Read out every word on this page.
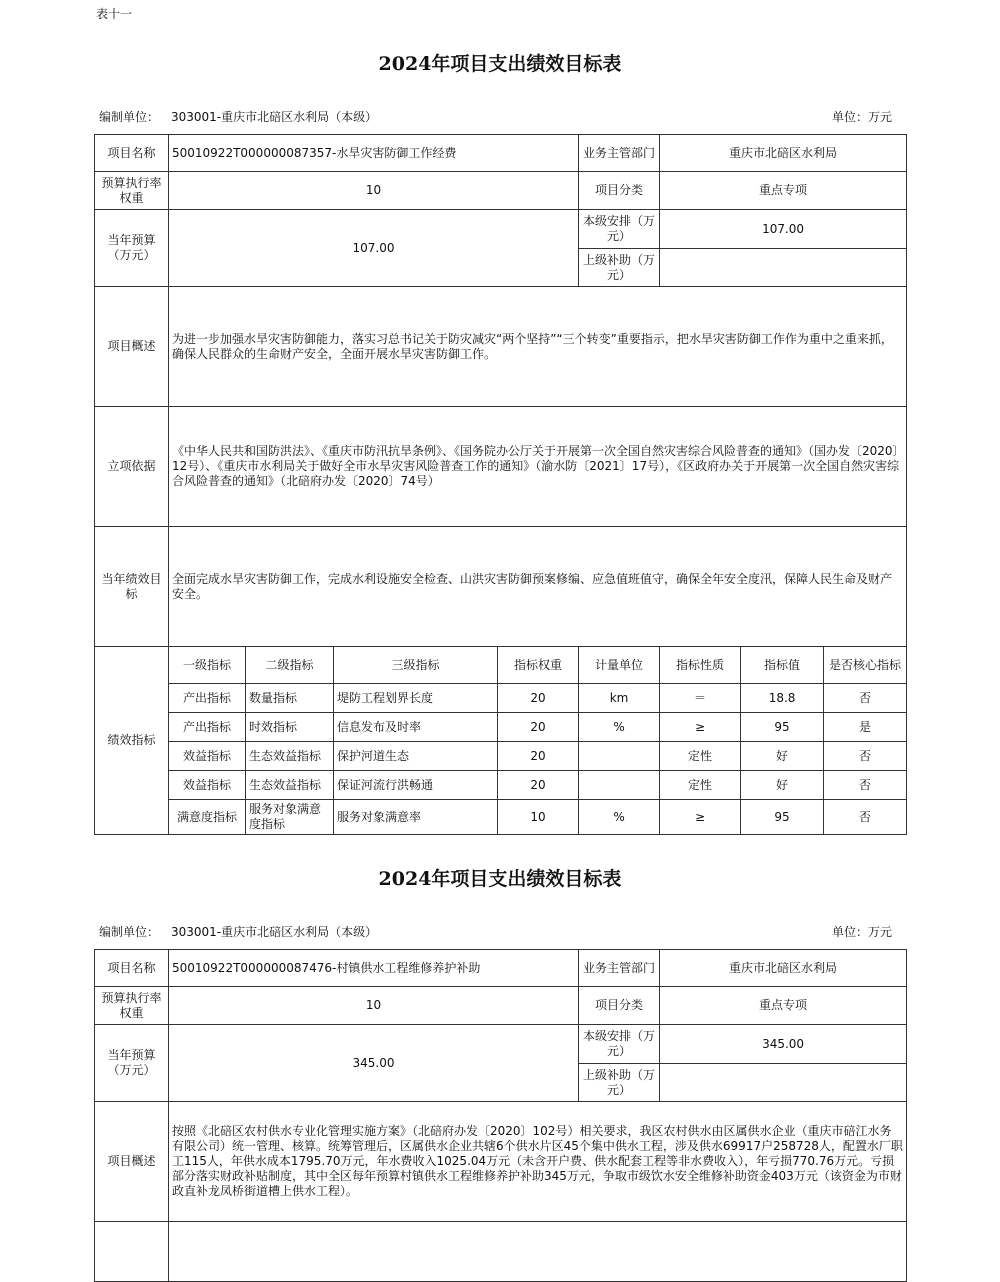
表十一
2024年项目支出绩效目标表
编制单位： 303001-重庆市北碚区水利局（本级）	单位：万元
项目名称	50010922T000000087357-水旱灾害防御工作经费				业务主管部门	重庆市北碚区水利局		
预算执行率权重	10				项目分类	重点专项		
当年预算（万元）	107.00				本级安排（万元）	107.00		
					上级补助（万元）			
项目概述	为进一步加强水旱灾害防御能力，落实习总书记关于防灾减灾“两个坚持”“三个转变”重要指示，把水旱灾害防御工作作为重中之重来抓，确保人民群众的生命财产安全，全面开展水旱灾害防御工作。							
立项依据	《中华人民共和国防洪法》、《重庆市防汛抗旱条例》、《国务院办公厅关于开展第一次全国自然灾害综合风险普查的通知》（国办发〔2020〕12号）、《重庆市水利局关于做好全市水旱灾害风险普查工作的通知》（渝水防〔2021〕17号），《区政府办关于开展第一次全国自然灾害综合风险普查的通知》（北碚府办发〔2020〕74号）							
当年绩效目标	全面完成水旱灾害防御工作，完成水利设施安全检查、山洪灾害防御预案修编、应急值班值守，确保全年安全度汛，保障人民生命及财产安全。							
绩效指标	一级指标	二级指标	三级指标	指标权重	计量单位	指标性质	指标值	是否核心指标
	产出指标	数量指标	堤防工程划界长度	20	km	＝	18.8	否
	产出指标	时效指标	信息发布及时率	20	%	≥	95	是
	效益指标	生态效益指标	保护河道生态	20		定性	好	否
	效益指标	生态效益指标	保证河流行洪畅通	20		定性	好	否
	满意度指标	服务对象满意度指标	服务对象满意率	10	%	≥	95	否
2024年项目支出绩效目标表
编制单位： 303001-重庆市北碚区水利局（本级）	单位：万元
项目名称	50010922T000000087476-村镇供水工程维修养护补助	业务主管部门	重庆市北碚区水利局
预算执行率权重	10	项目分类	重点专项
当年预算（万元）	345.00	本级安排（万元）	345.00
		上级补助（万元）	
项目概述	按照《北碚区农村供水专业化管理实施方案》（北碚府办发〔2020〕102号）相关要求，我区农村供水由区属供水企业（重庆市碚江水务有限公司）统一管理、核算。统筹管理后，区属供水企业共辖6个供水片区45个集中供水工程，涉及供水69917户258728人，配置水厂职工115人，年供水成本1795.70万元，年水费收入1025.04万元（未含开户费、供水配套工程等非水费收入），年亏损770.76万元。亏损部分落实财政补贴制度，其中全区每年预算村镇供水工程维修养护补助345万元，争取市级饮水安全维修补助资金403万元（该资金为市财政直补龙凤桥街道槽上供水工程）。		
